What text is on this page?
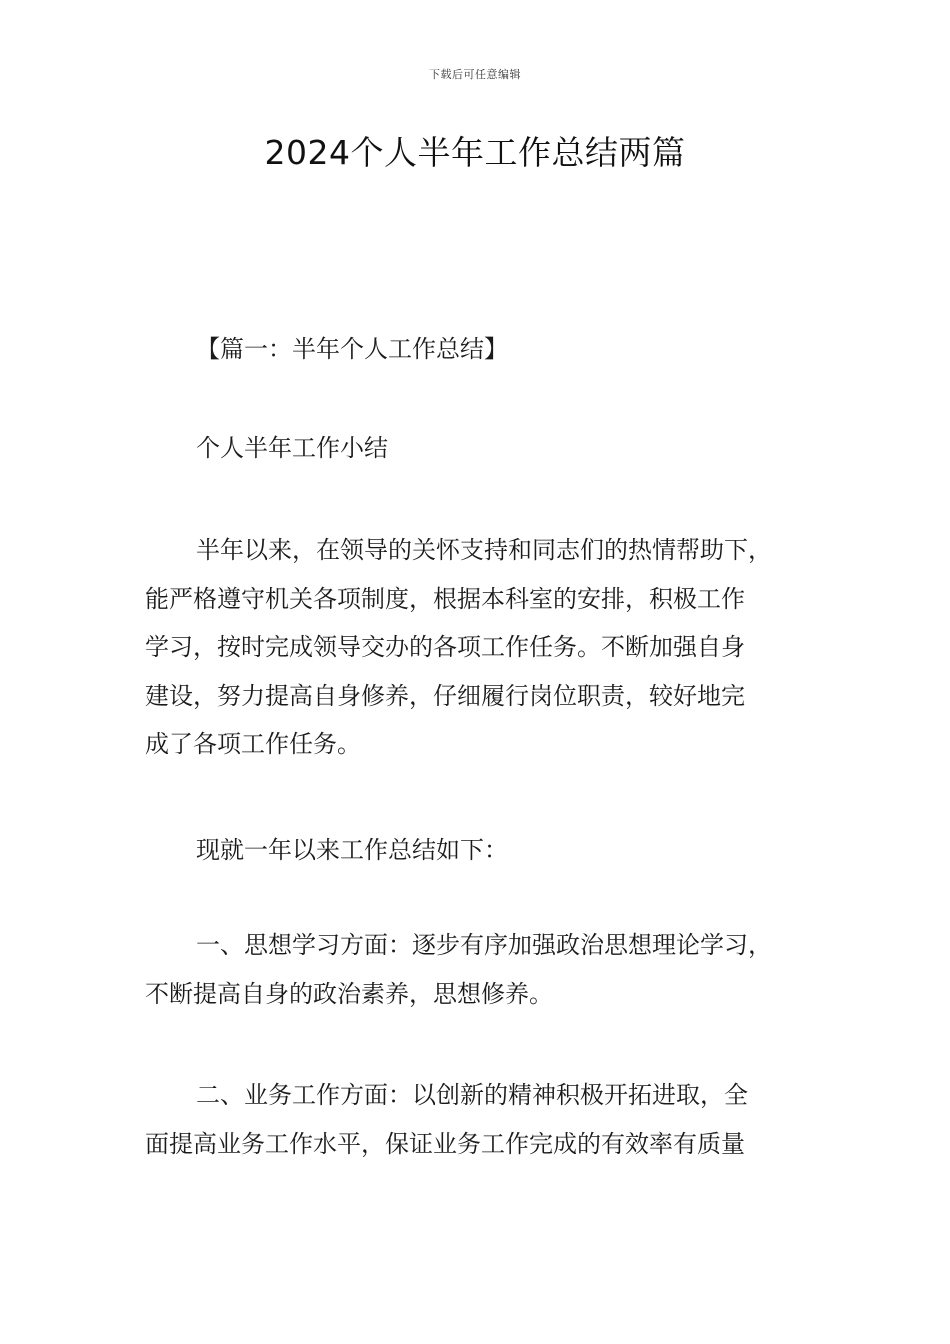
下载后可任意编辑
2024个人半年工作总结两篇
【篇一：半年个人工作总结】
个人半年工作小结
半年以来，在领导的关怀支持和同志们的热情帮助下，
能严格遵守机关各项制度，根据本科室的安排，积极工作
学习，按时完成领导交办的各项工作任务。不断加强自身
建设，努力提高自身修养，仔细履行岗位职责，较好地完
成了各项工作任务。
现就一年以来工作总结如下：
一、思想学习方面：逐步有序加强政治思想理论学习，
不断提高自身的政治素养，思想修养。
二、业务工作方面：以创新的精神积极开拓进取，全
面提高业务工作水平，保证业务工作完成的有效率有质量
